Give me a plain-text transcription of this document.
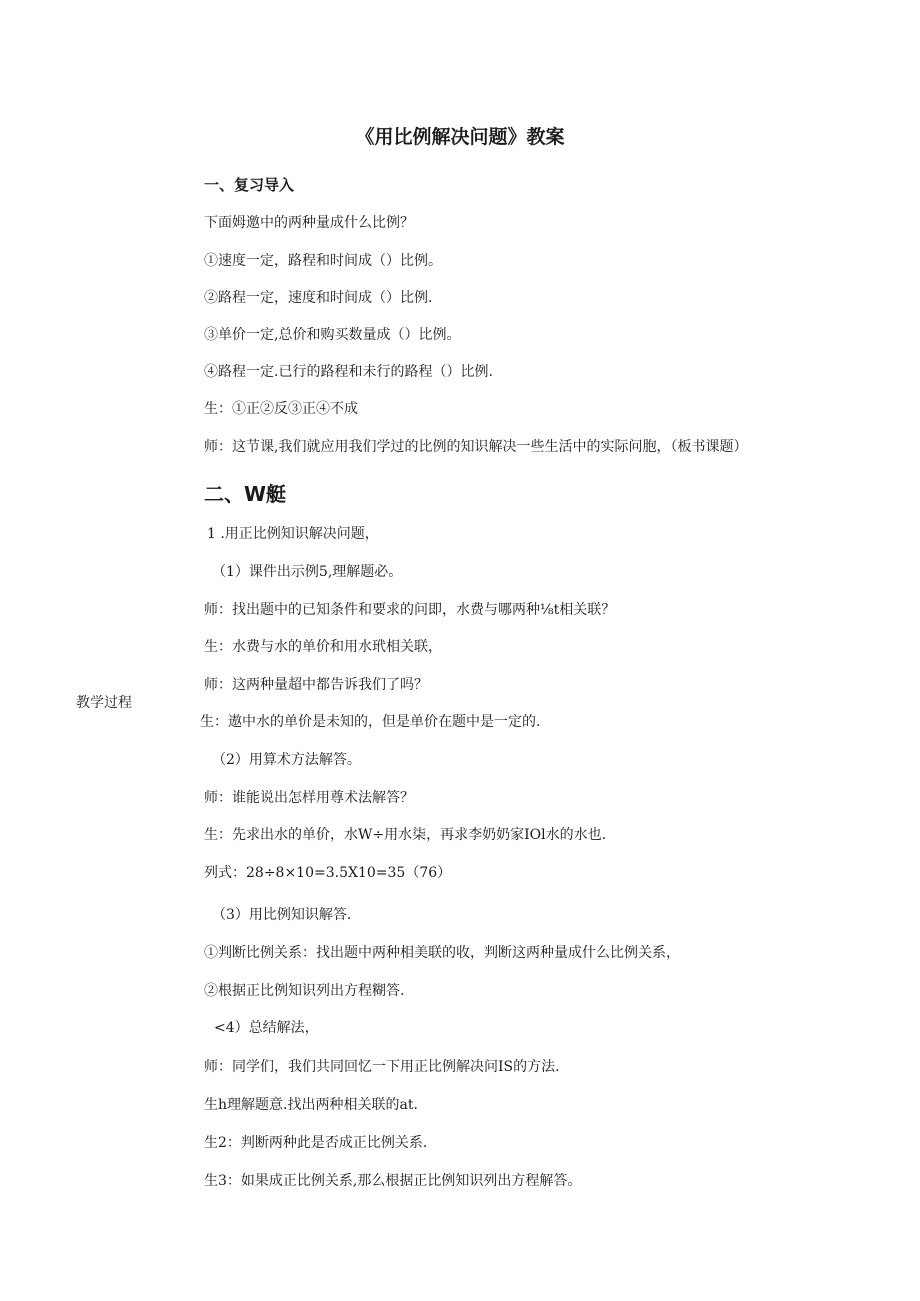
《用比例解决问题》教案
一、复习导入
下面姆邀中的两种量成什么比例？
①速度一定，路程和时间成（）比例。
②路程一定，速度和时间成（）比例.
③单价一定,总价和购买数量成（）比例。
④路程一定.已行的路程和未行的路程（）比例.
生：①正②反③正④不成
师：这节课,我们就应用我们学过的比例的知识解决一些生活中的实际问胞，（板书课题）
二、W艇
1 .用正比例知识解决问题，
（1）课件出示例5,理解题必。
师：找出题中的已知条件和要求的问即，水费与哪两种⅛t相关联？
生：水费与水的单价和用水玳相关联，
师：这两种量超中都告诉我们了吗？
教学过程
生：遨中水的单价是未知的，但是单价在题中是一定的.
（2）用算术方法解答。
师：谁能说出怎样用尊术法解答？
生：先求出水的单价，水W÷用水柒，再求李奶奶家IOl水的水也.
列式：28÷8×10=3.5X10=35（76）
（3）用比例知识解答.
①判断比例关系：找出题中两种相美联的收，判断这两种量成什么比例关系，
②根据正比例知识列出方程糊答.
<4）总结解法，
师：同学们，我们共同回忆一下用正比例解决问IS的方法.
生h理解题意.找出两种相关联的at.
生2：判断两种此是否成正比例关系.
生3：如果成正比例关系,那么根据正比例知识列出方程解答。
